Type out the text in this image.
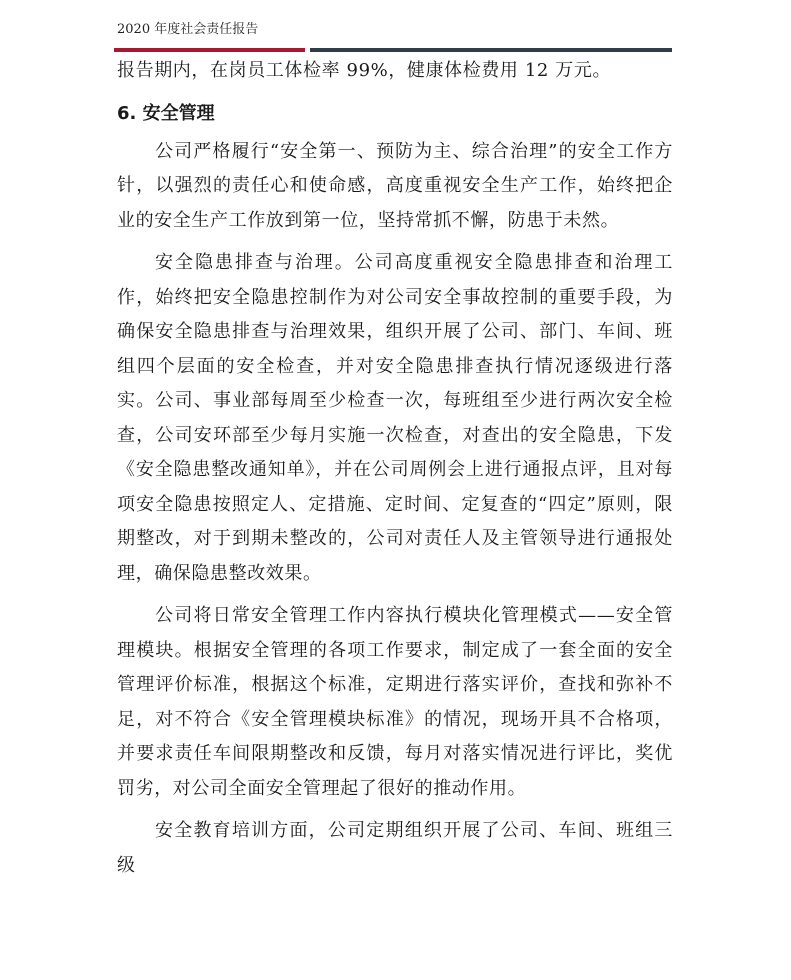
2020 年度社会责任报告

报告期内，在岗员工体检率 99%，健康体检费用 12 万元。

6. 安全管理

公司严格履行“安全第一、预防为主、综合治理”的安全工作方针，以强烈的责任心和使命感，高度重视安全生产工作，始终把企业的安全生产工作放到第一位，坚持常抓不懈，防患于未然。

安全隐患排查与治理。公司高度重视安全隐患排查和治理工作，始终把安全隐患控制作为对公司安全事故控制的重要手段，为确保安全隐患排查与治理效果，组织开展了公司、部门、车间、班组四个层面的安全检查，并对安全隐患排查执行情况逐级进行落实。公司、事业部每周至少检查一次，每班组至少进行两次安全检查，公司安环部至少每月实施一次检查，对查出的安全隐患，下发《安全隐患整改通知单》，并在公司周例会上进行通报点评，且对每项安全隐患按照定人、定措施、定时间、定复查的“四定”原则，限期整改，对于到期未整改的，公司对责任人及主管领导进行通报处理，确保隐患整改效果。

公司将日常安全管理工作内容执行模块化管理模式——安全管理模块。根据安全管理的各项工作要求，制定成了一套全面的安全管理评价标准，根据这个标准，定期进行落实评价，查找和弥补不足，对不符合《安全管理模块标准》的情况，现场开具不合格项，并要求责任车间限期整改和反馈，每月对落实情况进行评比，奖优罚劣，对公司全面安全管理起了很好的推动作用。

安全教育培训方面，公司定期组织开展了公司、车间、班组三级
